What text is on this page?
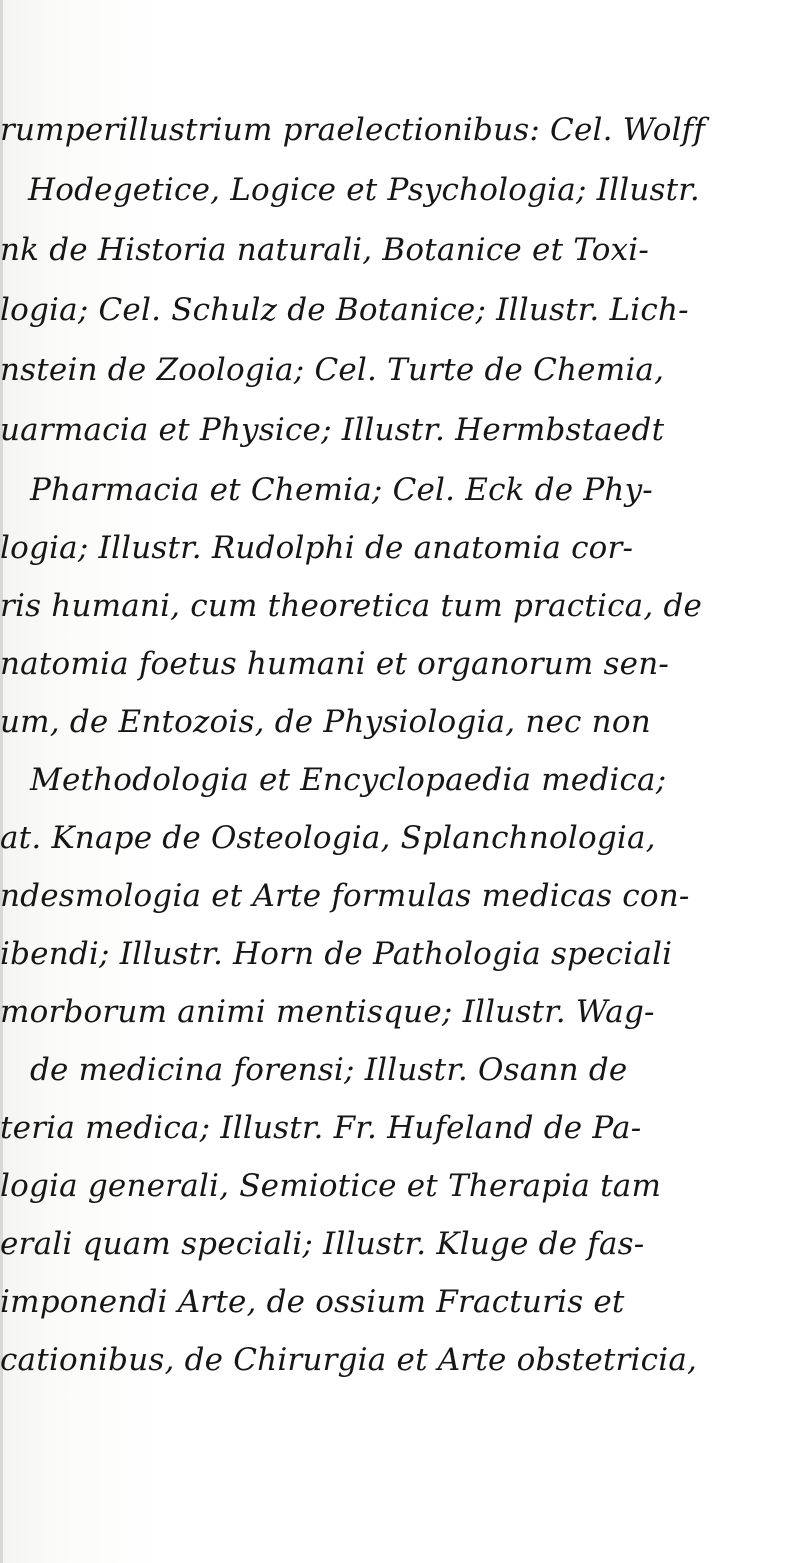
rumperillustrium praelectionibus: Cel. Wolff
Hodegetice, Logice et Psychologia; Illustr.
nk de Historia naturali, Botanice et Toxi-
logia; Cel. Schulz de Botanice; Illustr. Lich-
nstein de Zoologia; Cel. Turte de Chemia,
uarmacia et Physice; Illustr. Hermbstaedt
Pharmacia et Chemia; Cel. Eck de Phy-
logia; Illustr. Rudolphi de anatomia cor-
ris humani, cum theoretica tum practica, de
natomia foetus humani et organorum sen-
um, de Entozois, de Physiologia, nec non
Methodologia et Encyclopaedia medica;
at. Knape de Osteologia, Splanchnologia,
ndesmologia et Arte formulas medicas con-
ibendi; Illustr. Horn de Pathologia speciali
morborum animi mentisque; Illustr. Wag-
de medicina forensi; Illustr. Osann de
teria medica; Illustr. Fr. Hufeland de Pa-
logia generali, Semiotice et Therapia tam
erali quam speciali; Illustr. Kluge de fas-
imponendi Arte, de ossium Fracturis et
cationibus, de Chirurgia et Arte obstetricia,
